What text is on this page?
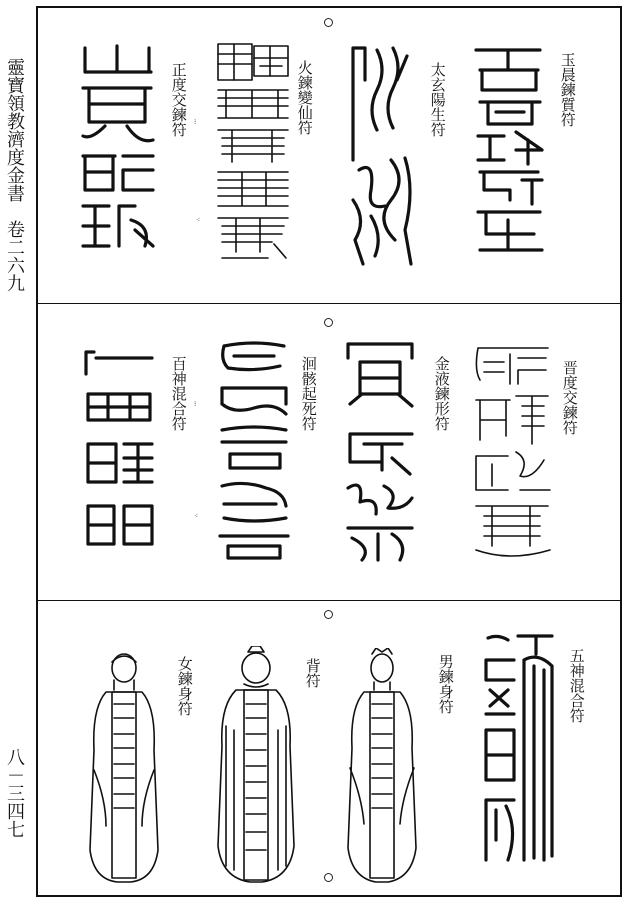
靈寶領教濟度金書　卷二六九
八－三四七
玉晨鍊質符
太玄陽生符
火鍊變仙符
正度交鍊符 ⁝
⁖
晋度交鍊符
金液鍊形符
洄骸起死符
百神混合符 ⁝
⁖
五神混合符
男鍊身符
背符
女鍊身符
